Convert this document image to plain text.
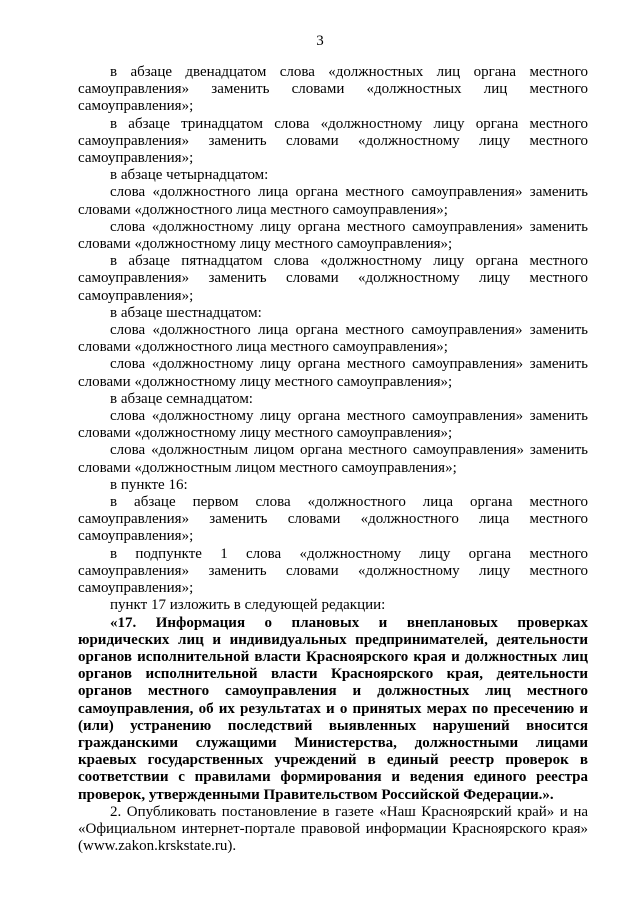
3

в абзаце двенадцатом слова «должностных лиц органа местного самоуправления» заменить словами «должностных лиц местного самоуправления»;

в абзаце тринадцатом слова «должностному лицу органа местного самоуправления» заменить словами «должностному лицу местного самоуправления»;

в абзаце четырнадцатом:

слова «должностного лица органа местного самоуправления» заменить словами «должностного лица местного самоуправления»;

слова «должностному лицу органа местного самоуправления» заменить словами «должностному лицу местного самоуправления»;

в абзаце пятнадцатом слова «должностному лицу органа местного самоуправления» заменить словами «должностному лицу местного самоуправления»;

в абзаце шестнадцатом:

слова «должностного лица органа местного самоуправления» заменить словами «должностного лица местного самоуправления»;

слова «должностному лицу органа местного самоуправления» заменить словами «должностному лицу местного самоуправления»;

в абзаце семнадцатом:

слова «должностному лицу органа местного самоуправления» заменить словами «должностному лицу местного самоуправления»;

слова «должностным лицом органа местного самоуправления» заменить словами «должностным лицом местного самоуправления»;

в пункте 16:

в абзаце первом слова «должностного лица органа местного самоуправления» заменить словами «должностного лица местного самоуправления»;

в подпункте 1 слова «должностному лицу органа местного самоуправления» заменить словами «должностному лицу местного самоуправления»;

пункт 17 изложить в следующей редакции:

«17. Информация о плановых и внеплановых проверках юридических лиц и индивидуальных предпринимателей, деятельности органов исполнительной власти Красноярского края и должностных лиц органов исполнительной власти Красноярского края, деятельности органов местного самоуправления и должностных лиц местного самоуправления, об их результатах и о принятых мерах по пресечению и (или) устранению последствий выявленных нарушений вносится гражданскими служащими Министерства, должностными лицами краевых государственных учреждений в единый реестр проверок в соответствии с правилами формирования и ведения единого реестра проверок, утвержденными Правительством Российской Федерации.».

2. Опубликовать постановление в газете «Наш Красноярский край» и на «Официальном интернет-портале правовой информации Красноярского края» (www.zakon.krskstate.ru).
